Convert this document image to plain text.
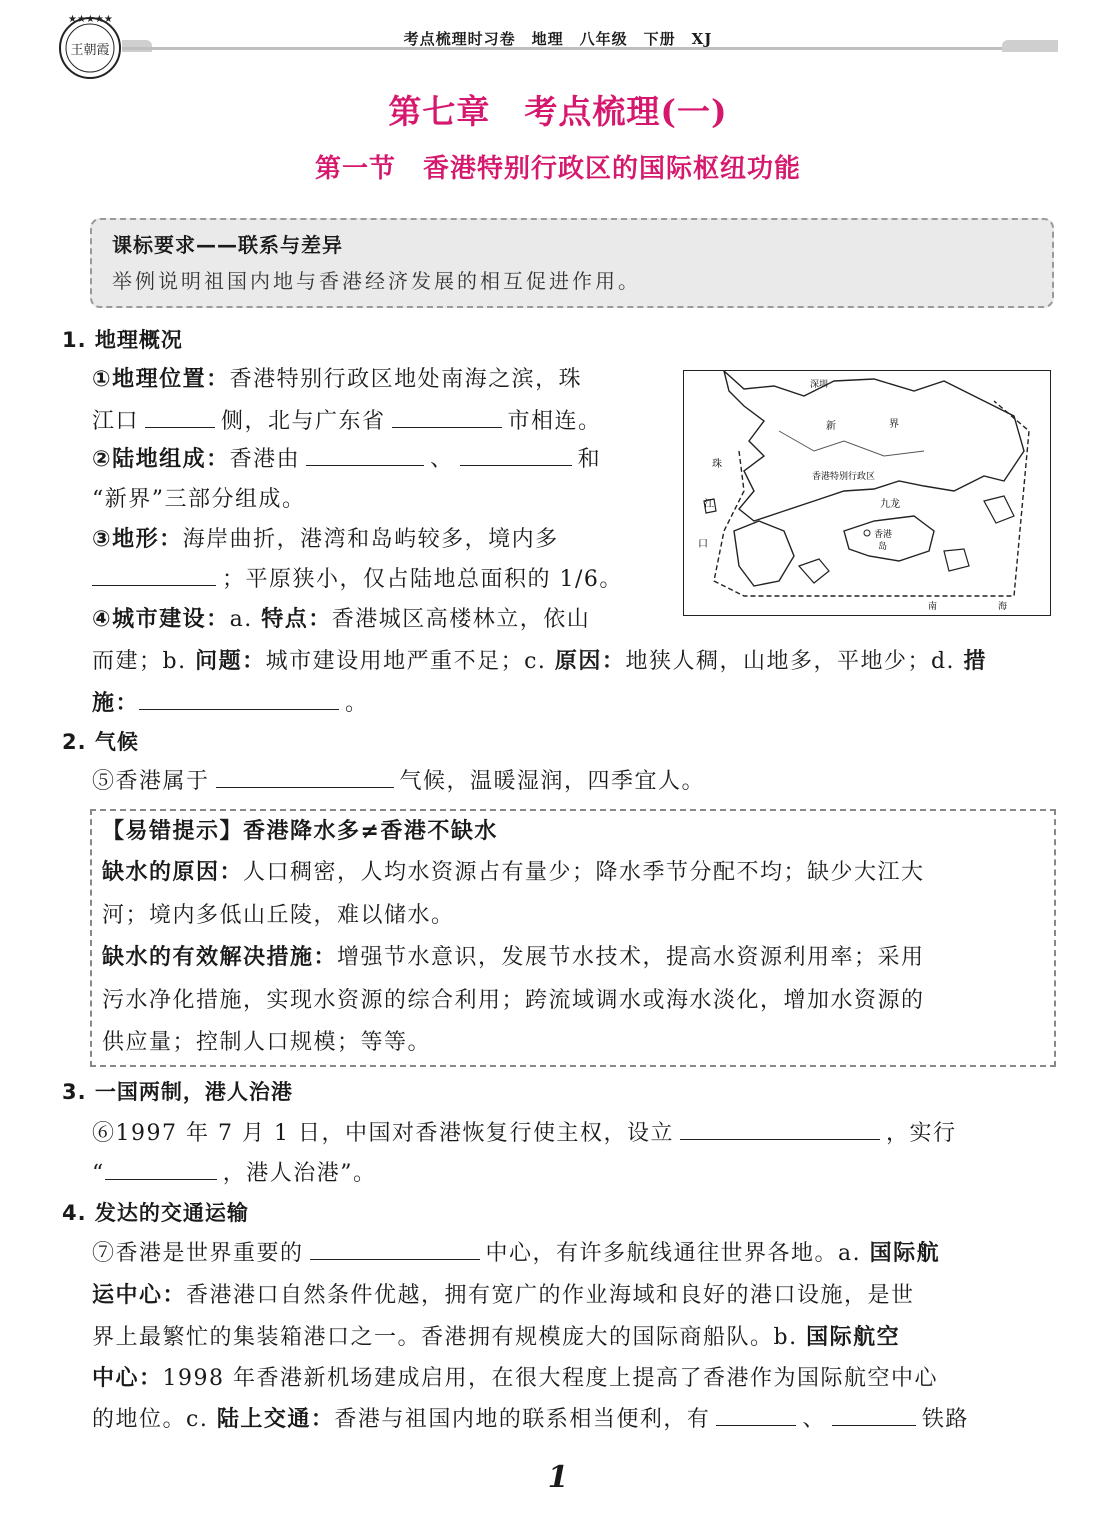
★★★★★
王朝霞
考点梳理时习卷　地理　八年级　下册　XJ
第七章　考点梳理(一)
第一节　香港特别行政区的国际枢纽功能
课标要求——联系与差异
举例说明祖国内地与香港经济发展的相互促进作用。
1. 地理概况
①地理位置：香港特别行政区地处南海之滨，珠
江口	侧，北与广东省	市相连。
②陆地组成：香港由	、	和
“新界”三部分组成。
③地形：海岸曲折，港湾和岛屿较多，境内多
；平原狭小，仅占陆地总面积的 1/6。
④城市建设：a. 特点：香港城区高楼林立，依山
而建；b. 问题：城市建设用地严重不足；c. 原因：地狭人稠，山地多，平地少；d. 措
施：	。
深圳
新	界
珠
江
口
香港特别行政区
九龙
香港
岛
南	海
2. 气候
⑤香港属于	气候，温暖湿润，四季宜人。
【易错提示】香港降水多≠香港不缺水
缺水的原因：人口稠密，人均水资源占有量少；降水季节分配不均；缺少大江大
河；境内多低山丘陵，难以储水。
缺水的有效解决措施：增强节水意识，发展节水技术，提高水资源利用率；采用
污水净化措施，实现水资源的综合利用；跨流域调水或海水淡化，增加水资源的
供应量；控制人口规模；等等。
3. 一国两制，港人治港
⑥1997 年 7 月 1 日，中国对香港恢复行使主权，设立	，实行
“	，港人治港”。
4. 发达的交通运输
⑦香港是世界重要的	中心，有许多航线通往世界各地。a. 国际航
运中心：香港港口自然条件优越，拥有宽广的作业海域和良好的港口设施，是世
界上最繁忙的集装箱港口之一。香港拥有规模庞大的国际商船队。b. 国际航空
中心：1998 年香港新机场建成启用，在很大程度上提高了香港作为国际航空中心
的地位。c. 陆上交通：香港与祖国内地的联系相当便利，有	、	铁路
1
